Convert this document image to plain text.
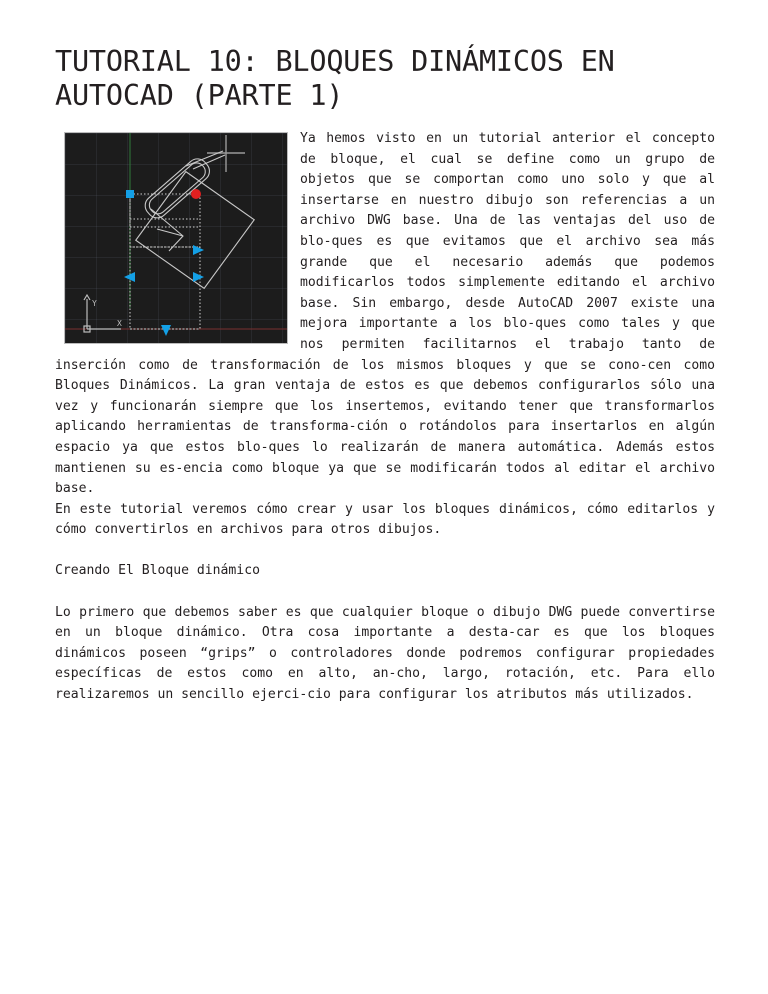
TUTORIAL 10: BLOQUES DINÁMICOS EN AUTOCAD (PARTE 1)
Y
X

Ya hemos visto en un tutorial anterior el concepto de bloque, el cual se define como un grupo de objetos que se comportan como uno solo y que al insertarse en nuestro dibujo son referencias a un archivo DWG base. Una de las ventajas del uso de blo-ques es que evitamos que el archivo sea más grande que el necesario además que podemos modificarlos todos simplemente editando el archivo base. Sin embargo, desde AutoCAD 2007 existe una mejora importante a los blo-ques como tales y que nos permiten facilitarnos el trabajo tanto de inserción como de transformación de los mismos bloques y que se cono-cen como Bloques Dinámicos. La gran ventaja de estos es que debemos configurarlos sólo una vez y funcionarán siempre que los insertemos, evitando tener que transformarlos aplicando herramientas de transforma-ción o rotándolos para insertarlos en algún espacio ya que estos blo-ques lo realizarán de manera automática. Además estos mantienen su es-encia como bloque ya que se modificarán todos al editar el archivo base.

En este tutorial veremos cómo crear y usar los bloques dinámicos, cómo editarlos y cómo convertirlos en archivos para otros dibujos.

Creando El Bloque dinámico

Lo primero que debemos saber es que cualquier bloque o dibujo DWG puede convertirse en un bloque dinámico. Otra cosa importante a desta-car es que los bloques dinámicos poseen “grips” o controladores donde podremos configurar propiedades específicas de estos como en alto, an-cho, largo, rotación, etc. Para ello realizaremos un sencillo ejerci-cio para configurar los atributos más utilizados.
